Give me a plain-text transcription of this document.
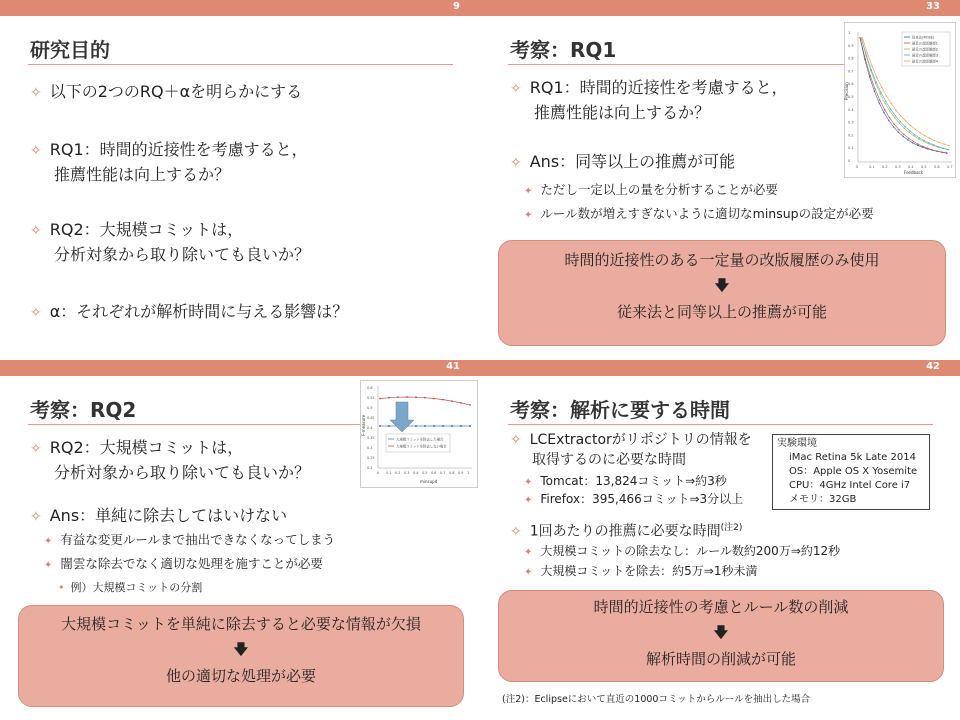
9
研究目的
✧ 以下の2つのRQ＋αを明らかにする
✧ RQ1：時間的近接性を考慮すると，
推薦性能は向上するか？
✧ RQ2：大規模コミットは，
分析対象から取り除いても良いか？
✧ α：それぞれが解析時間に与える影響は？
33
考察：RQ1
✧ RQ1：時間的近接性を考慮すると，
推薦性能は向上するか？
✧ Ans：同等以上の推薦が可能
✦ ただし一定以上の量を分析することが必要
✦ ルール数が増えすぎないように適切なminsupの設定が必要
時間的近接性のある一定量の改版履歴のみ使用
🡇
従来法と同等以上の推薦が可能
1
0.9
0.8
0.7
0.6
0.5
0.4
0.3
0.2
0.1
0
0	0.1 0.2 0.3 0.4 0.5 0.6 0.7
従来法(ROSE)
最近の改版履歴1
最近の改版履歴2
最近の改版履歴3
最近の改版履歴4
Feedback
Precision
41
考察：RQ2
✧ RQ2：大規模コミットは，
分析対象から取り除いても良いか？
✧ Ans：単純に除去してはいけない
✦ 有益な変更ルールまで抽出できなくなってしまう
✦ 闇雲な除去でなく適切な処理を施すことが必要
• 例）大規模コミットの分割
大規模コミットを単純に除去すると必要な情報が欠損
🡇
他の適切な処理が必要
0.6
0.55
0.5
0.45
0.4
0.35
0.3
0.25
0.2
0 0.1 0.2 0.3 0.4 0.5 0.6 0.7 0.8 0.9 1
大規模コミットを除去した場合
大規模コミットを除去しない場合
minsupd
F-measure
42
考察：解析に要する時間
✧ LCExtractorがリポジトリの情報を
取得するのに必要な時間
✦ Tomcat：13,824コミット⇒約3秒
✦ Firefox：395,466コミット⇒3分以上
実験環境
iMac Retina 5k Late 2014
OS：Apple OS X Yosemite
CPU：4GHz Intel Core i7
メモリ：32GB
✧ 1回あたりの推薦に必要な時間$^{(注2)}$
✦ 大規模コミットの除去なし：ルール数約200万⇒約12秒
✦ 大規模コミットを除去：約5万⇒1秒未満
時間的近接性の考慮とルール数の削減
🡇
解析時間の削減が可能
(注2)：Eclipseにおいて直近の1000コミットからルールを抽出した場合
